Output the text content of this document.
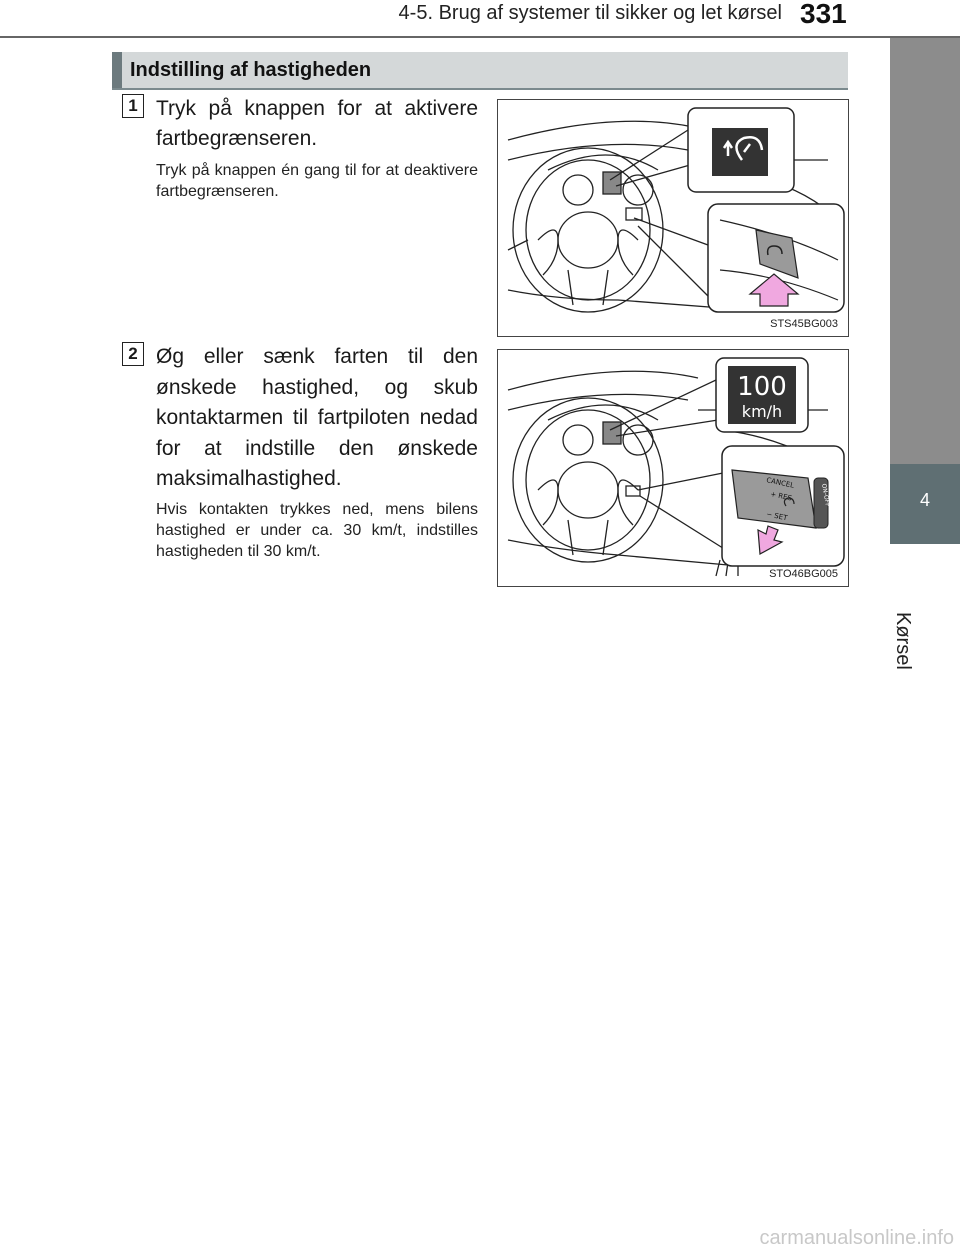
4-5. Brug af systemer til sikker og let kørsel 331
4
Kørsel
Indstilling af hastigheden
1 Tryk på knappen for at aktivere fartbegrænseren.
Tryk på knappen én gang til for at deaktivere fartbegrænseren.
STS45BG003
2 Øg eller sænk farten til den ønskede hastighed, og skub kontaktarmen til fartpiloten nedad for at indstille den ønskede maksimalhastighed.
Hvis kontakten trykkes ned, mens bilens hastighed er under ca. 30 km/t, indstilles hastigheden til 30 km/t.
100
km/h
CANCEL
+ RES
− SET
ON-OFF
STO46BG005
carmanualsonline.info
